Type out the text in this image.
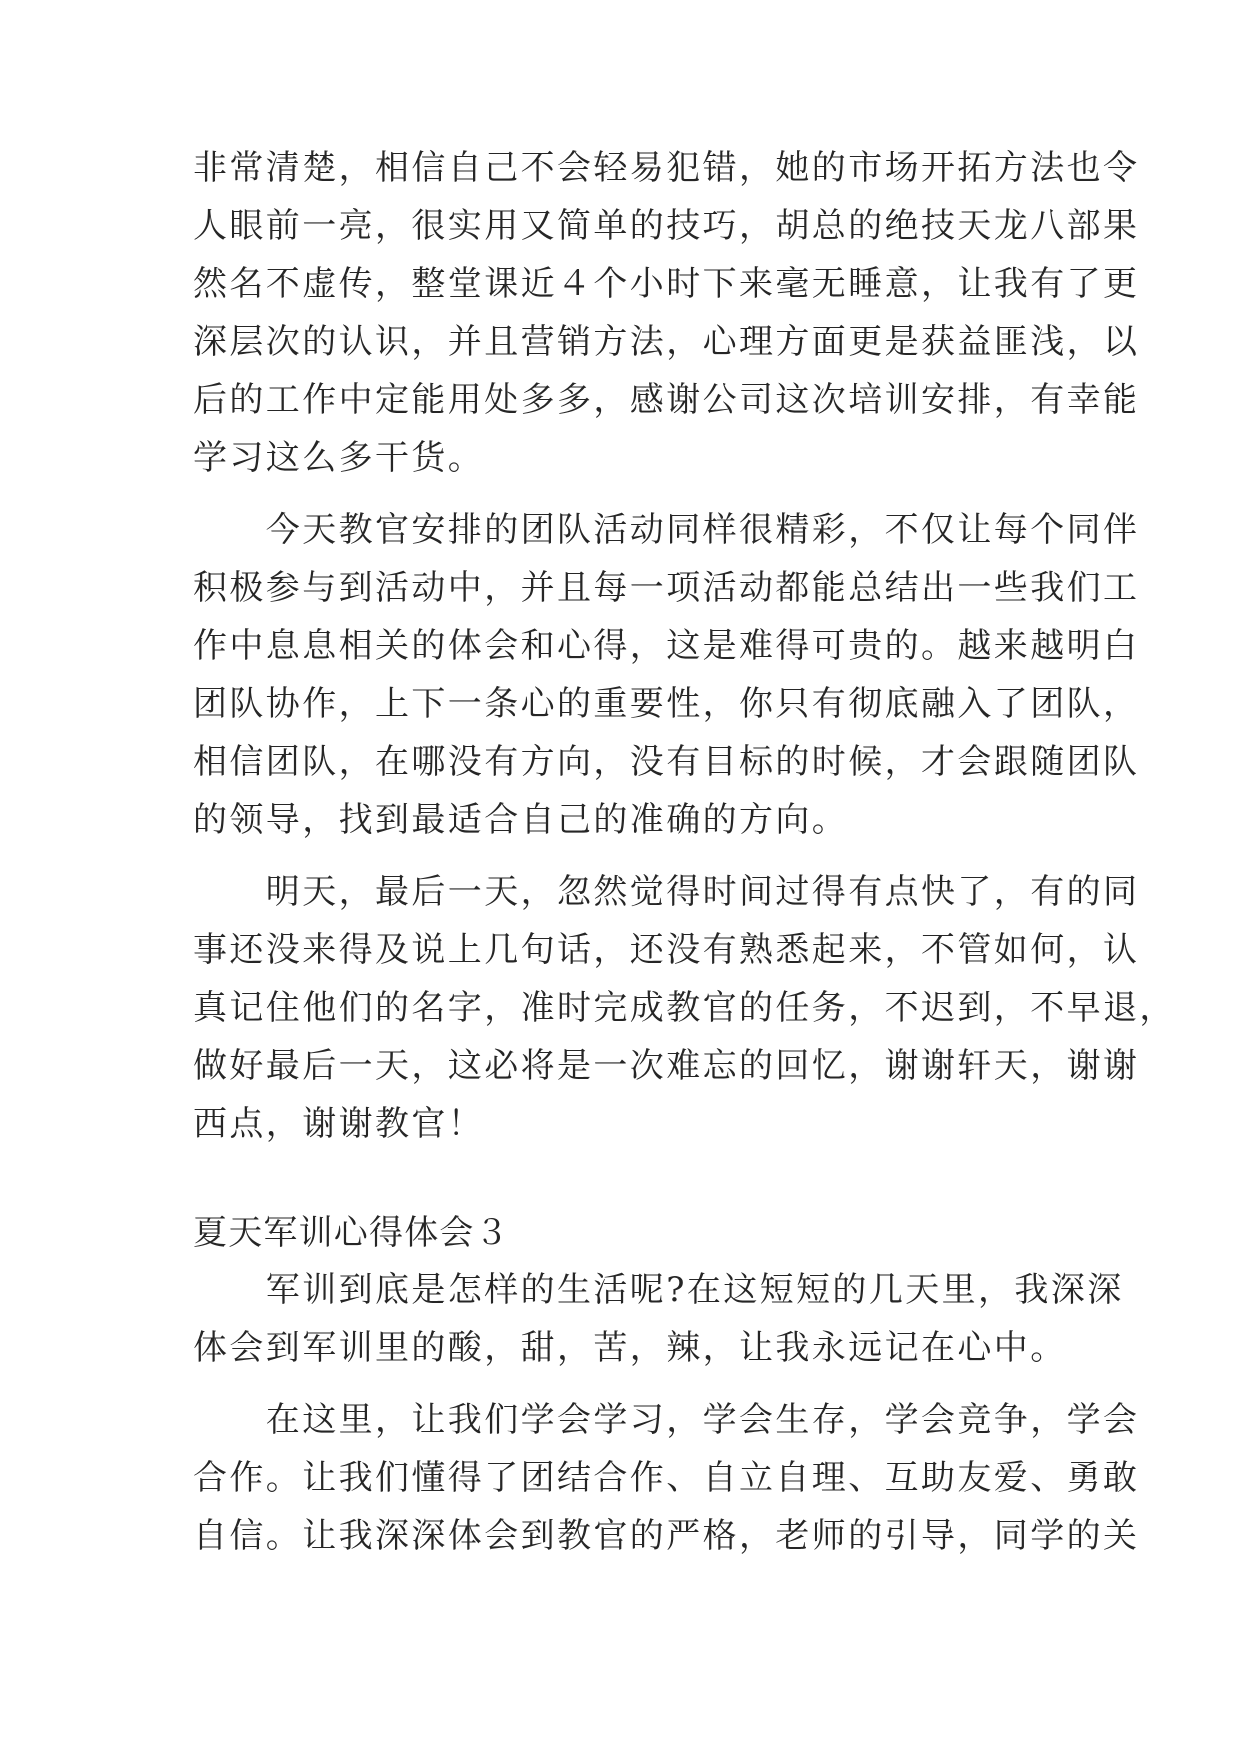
非常清楚，相信自己不会轻易犯错，她的市场开拓方法也令
人眼前一亮，很实用又简单的技巧，胡总的绝技天龙八部果
然名不虚传，整堂课近４个小时下来毫无睡意，让我有了更
深层次的认识，并且营销方法，心理方面更是获益匪浅，以
后的工作中定能用处多多，感谢公司这次培训安排，有幸能
学习这么多干货。
　　今天教官安排的团队活动同样很精彩，不仅让每个同伴
积极参与到活动中，并且每一项活动都能总结出一些我们工
作中息息相关的体会和心得，这是难得可贵的。越来越明白
团队协作，上下一条心的重要性，你只有彻底融入了团队，
相信团队，在哪没有方向，没有目标的时候，才会跟随团队
的领导，找到最适合自己的准确的方向。
　　明天，最后一天，忽然觉得时间过得有点快了，有的同
事还没来得及说上几句话，还没有熟悉起来，不管如何，认
真记住他们的名字，准时完成教官的任务，不迟到，不早退，
做好最后一天，这必将是一次难忘的回忆，谢谢轩天，谢谢
西点，谢谢教官！
夏天军训心得体会３
　　军训到底是怎样的生活呢?在这短短的几天里，我深深
体会到军训里的酸，甜，苦，辣，让我永远记在心中。
　　在这里，让我们学会学习，学会生存，学会竞争，学会
合作。让我们懂得了团结合作、自立自理、互助友爱、勇敢
自信。让我深深体会到教官的严格，老师的引导，同学的关
